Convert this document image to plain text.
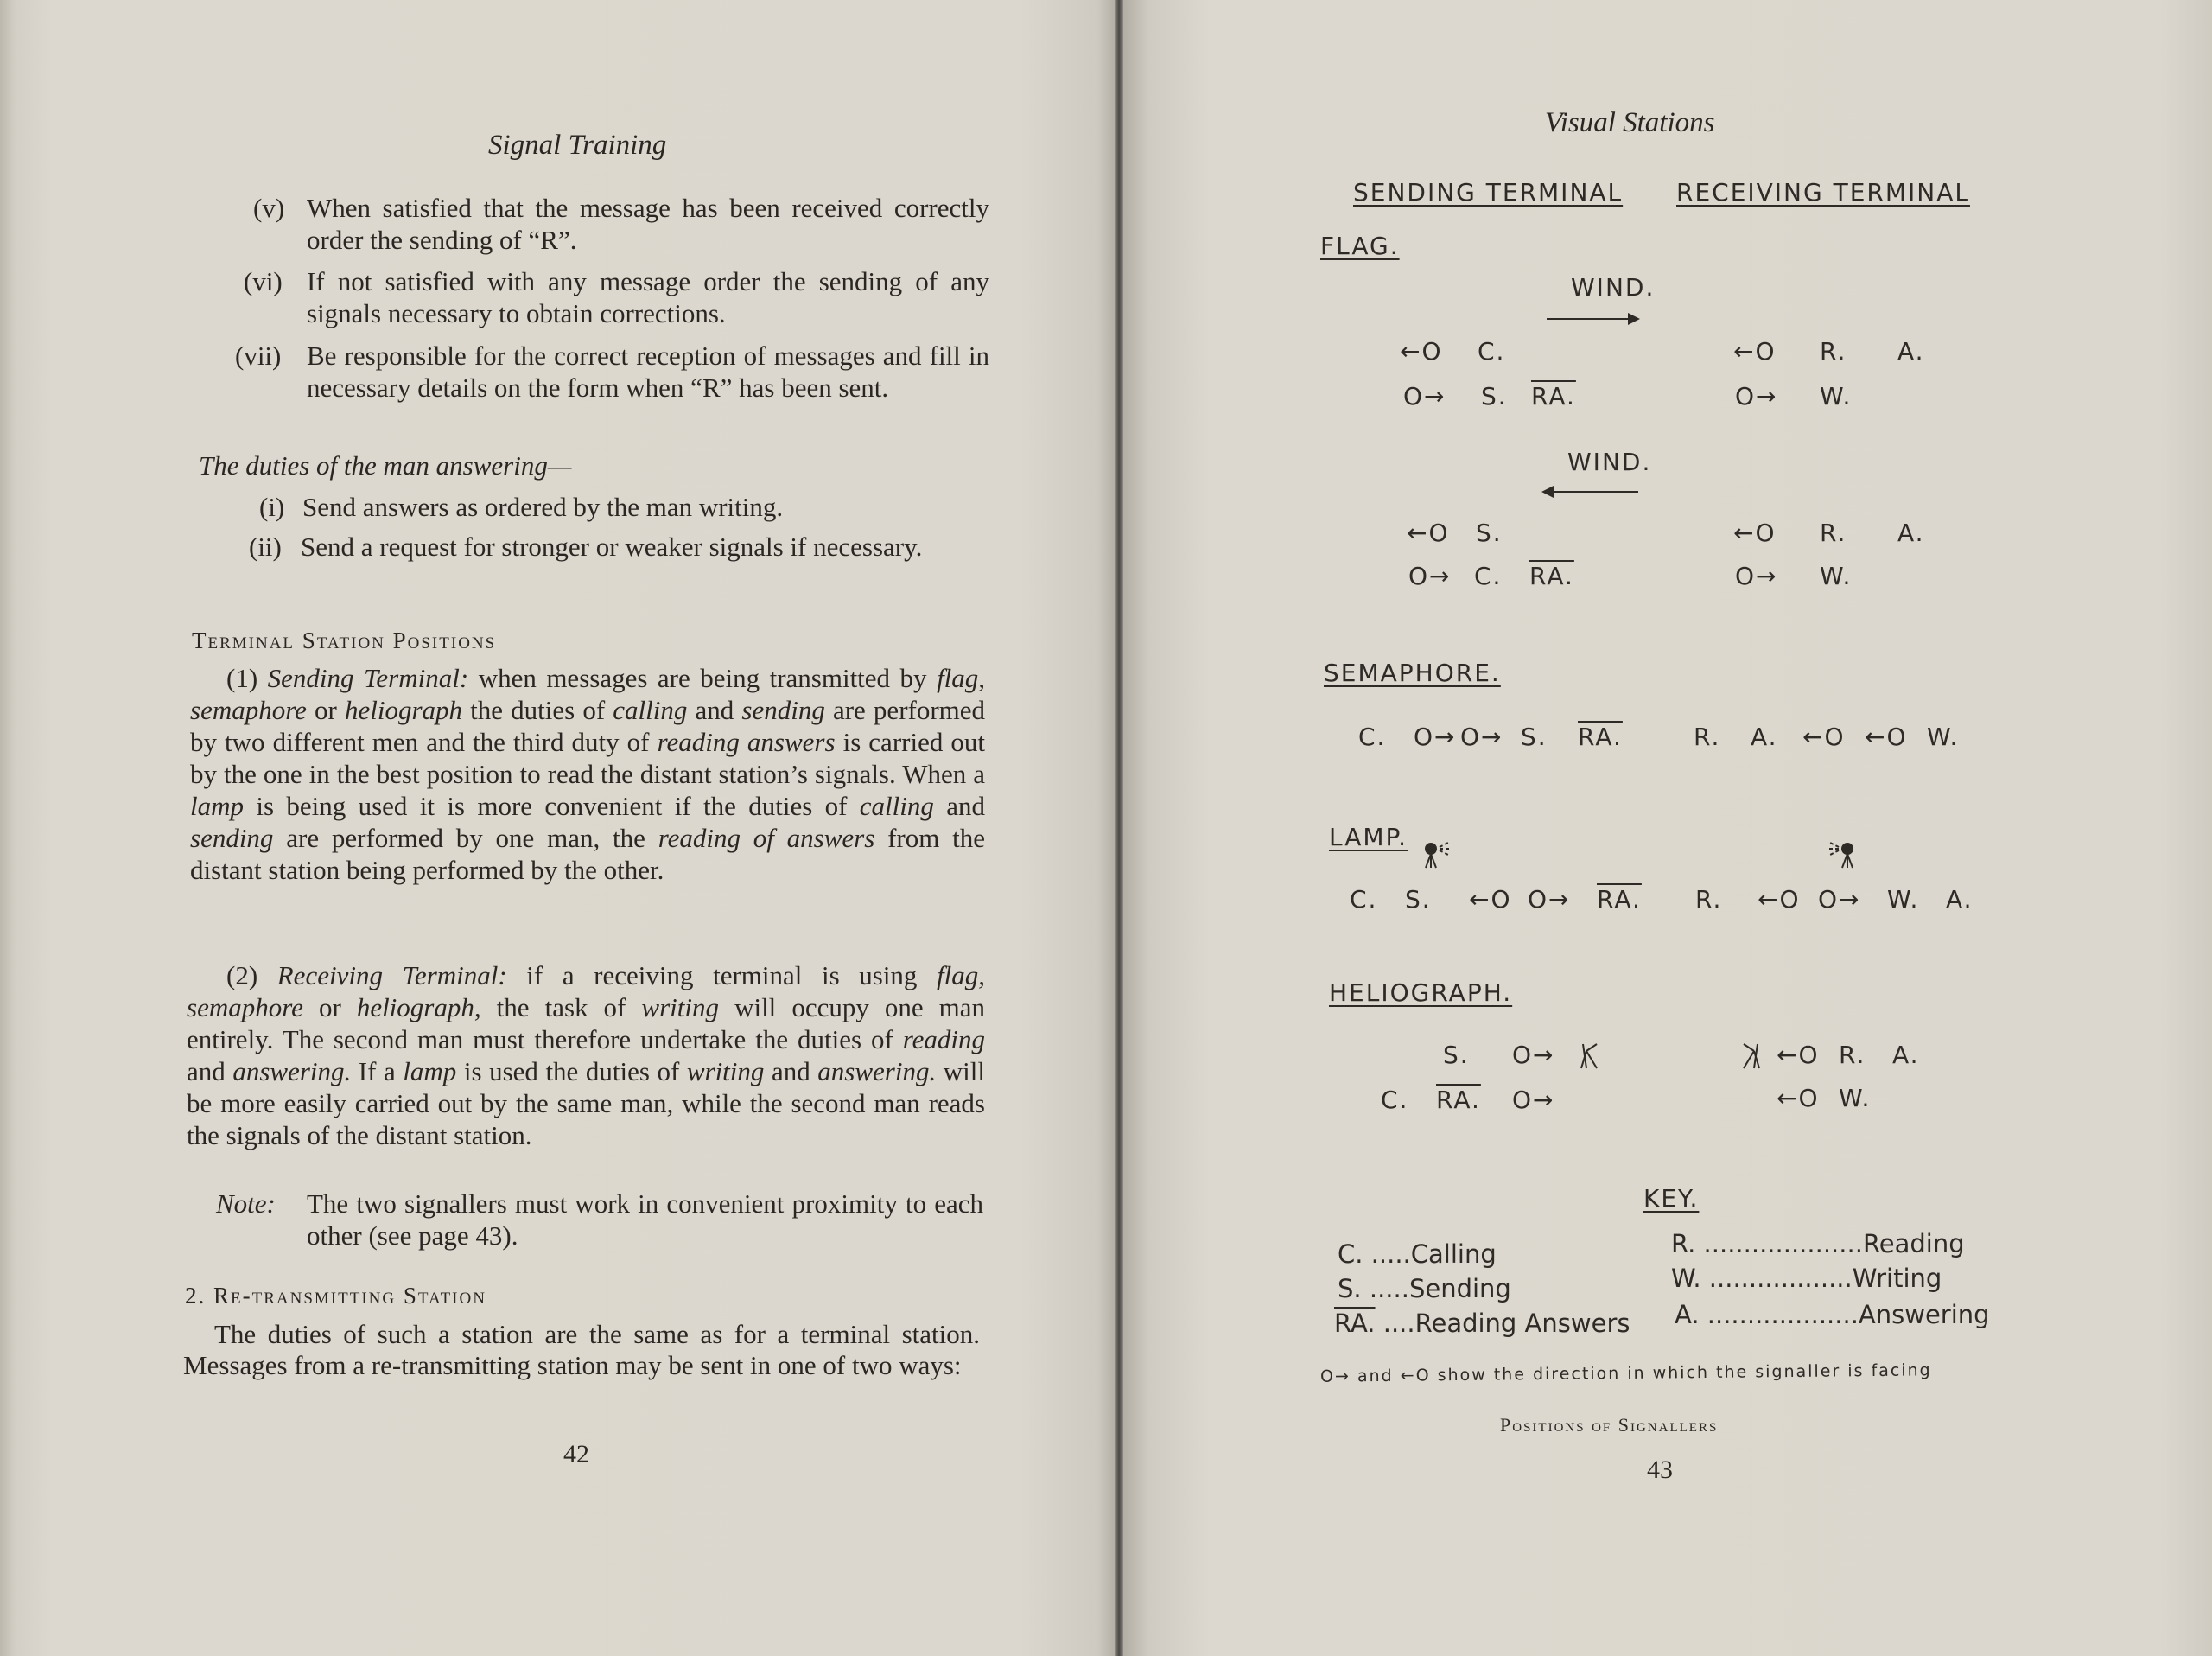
Signal Training
(v) When satisfied that the message has been received correctly order the sending of “R”.
(vi) If not satisfied with any message order the sending of any signals necessary to obtain corrections.
(vii) Be responsible for the correct reception of messages and fill in necessary details on the form when “R” has been sent.
The duties of the man answering—
(i) Send answers as ordered by the man writing.
(ii) Send a request for stronger or weaker signals if necessary.
Terminal Station Positions
(1) Sending Terminal: when messages are being transmitted by flag, semaphore or heliograph the duties of calling and sending are performed by two different men and the third duty of reading answers is carried out by the one in the best position to read the distant station’s signals. When a lamp is being used it is more convenient if the duties of calling and sending are performed by one man, the reading of answers from the distant station being performed by the other.
(2) Receiving Terminal: if a receiving terminal is using flag, semaphore or heliograph, the task of writing will occupy one man entirely. The second man must therefore undertake the duties of reading and answering. If a lamp is used the duties of writing and answering. will be more easily carried out by the same man, while the second man reads the signals of the distant station.
Note: The two signallers must work in convenient proximity to each other (see page 43).
2. Re-transmitting Station
The duties of such a station are the same as for a terminal station. Messages from a re-transmitting station may be sent in one of two ways:
42
Visual Stations
SENDING TERMINAL RECEIVING TERMINAL
FLAG.
WIND.
←O C.	←O R. A.
O→ S. RA.	O→ W.
WIND.
←O S.	←O R. A.
O→ C. RA.	O→ W.
SEMAPHORE.
C. O→ O→ S. RA.	R. A. ←O ←O W.
LAMP.
C. S. ←O O→ RA. R. ←O O→ W. A.
HELIOGRAPH.
S. O→	←O R. A.
C. RA. O→	←O W.
KEY.
C. .....Calling
S. .....Sending
RA. ....Reading Answers
R. ....................Reading
W. ..................Writing
A. ...................Answering
O→ and ←O show the direction in which the signaller is facing
Positions of Signallers
43
